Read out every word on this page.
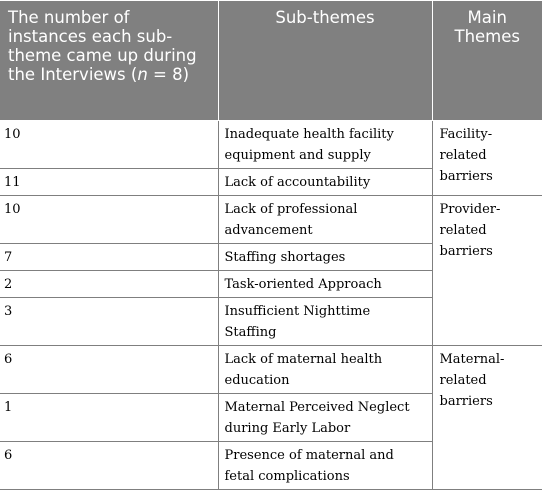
The number of instances each sub-theme came up during the Interviews (n = 8)	Sub-themes	Main Themes
10	Inadequate health facility equipment and supply	Facility-related barriers
11	Lack of accountability	
10	Lack of professional advancement	Provider-related barriers
7	Staffing shortages	
2	Task-oriented Approach	
3	Insufficient Nighttime Staffing	
6	Lack of maternal health education	Maternal-related barriers
1	Maternal Perceived Neglect during Early Labor	
6	Presence of maternal and fetal complications	
